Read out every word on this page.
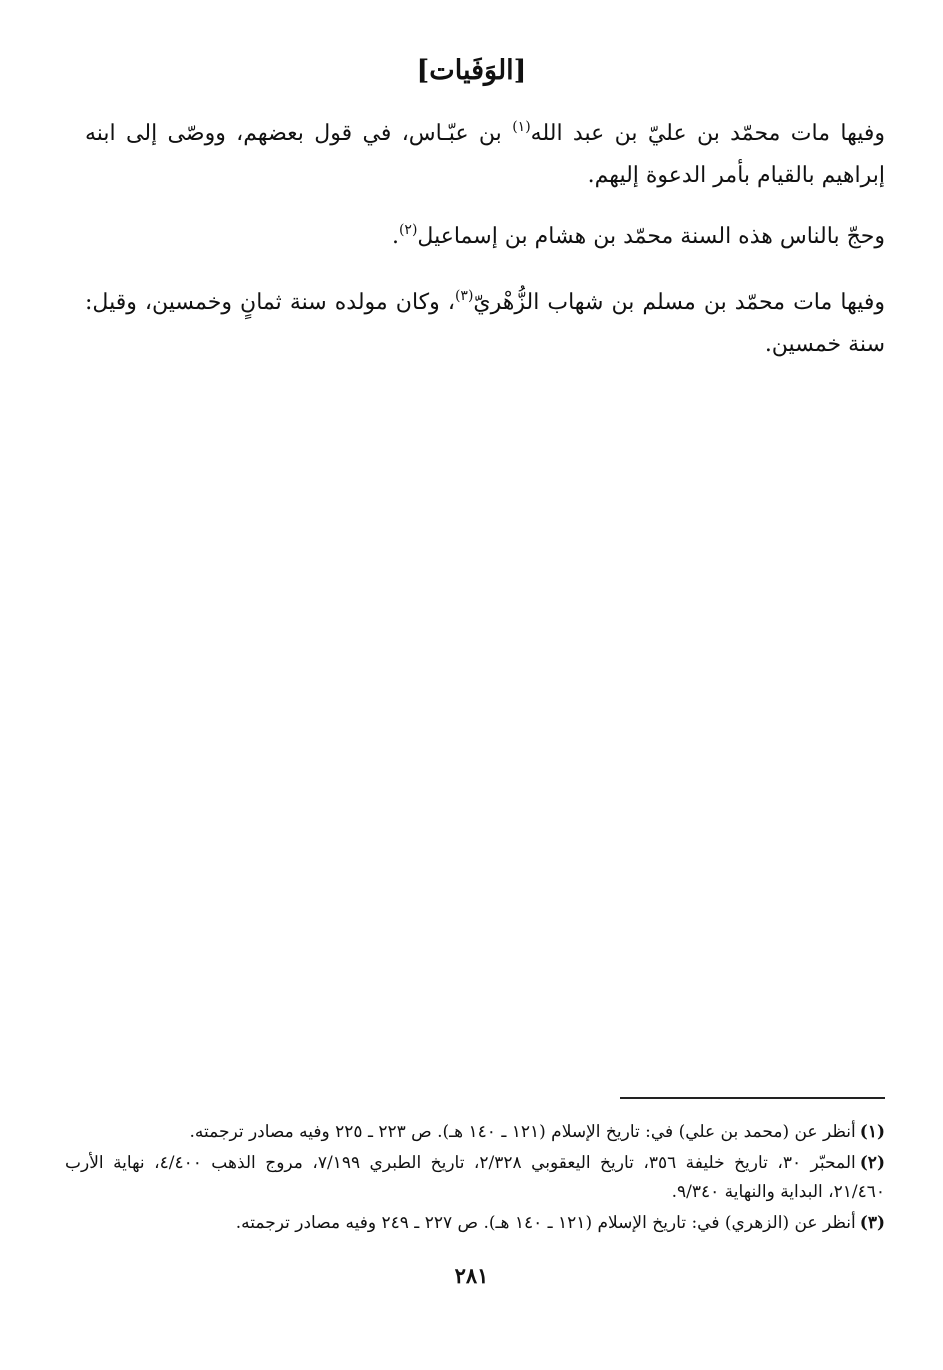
[الوَفَيات]

وفيها مات محمّد بن عليّ بن عبد الله$^{(١)}$ بن عبّـاس، في قول بعضهم، ووصّى إلى ابنه إبراهيم بالقيام بأمر الدعوة إليهم.

وحجّ بالناس هذه السنة محمّد بن هشام بن إسماعيل$^{(٢)}$.

وفيها مات محمّد بن مسلم بن شهاب الزُّهْريّ$^{(٣)}$، وكان مولده سنة ثمانٍ وخمسين، وقيل: سنة خمسين.

(١)أنظر عن (محمد بن علي) في: تاريخ الإسلام (١٢١ ـ ١٤٠ هـ). ص ٢٢٣ ـ ٢٢٥ وفيه مصادر ترجمته.
(٢)المحبّر ٣٠، تاريخ خليفة ٣٥٦، تاريخ اليعقوبي ٢/٣٢٨، تاريخ الطبري ٧/١٩٩، مروج الذهب ٤/٤٠٠، نهاية الأرب ٢١/٤٦٠، البداية والنهاية ٩/٣٤٠.
(٣)أنظر عن (الزهري) في: تاريخ الإسلام (١٢١ ـ ١٤٠ هـ). ص ٢٢٧ ـ ٢٤٩ وفيه مصادر ترجمته.
٢٨١
